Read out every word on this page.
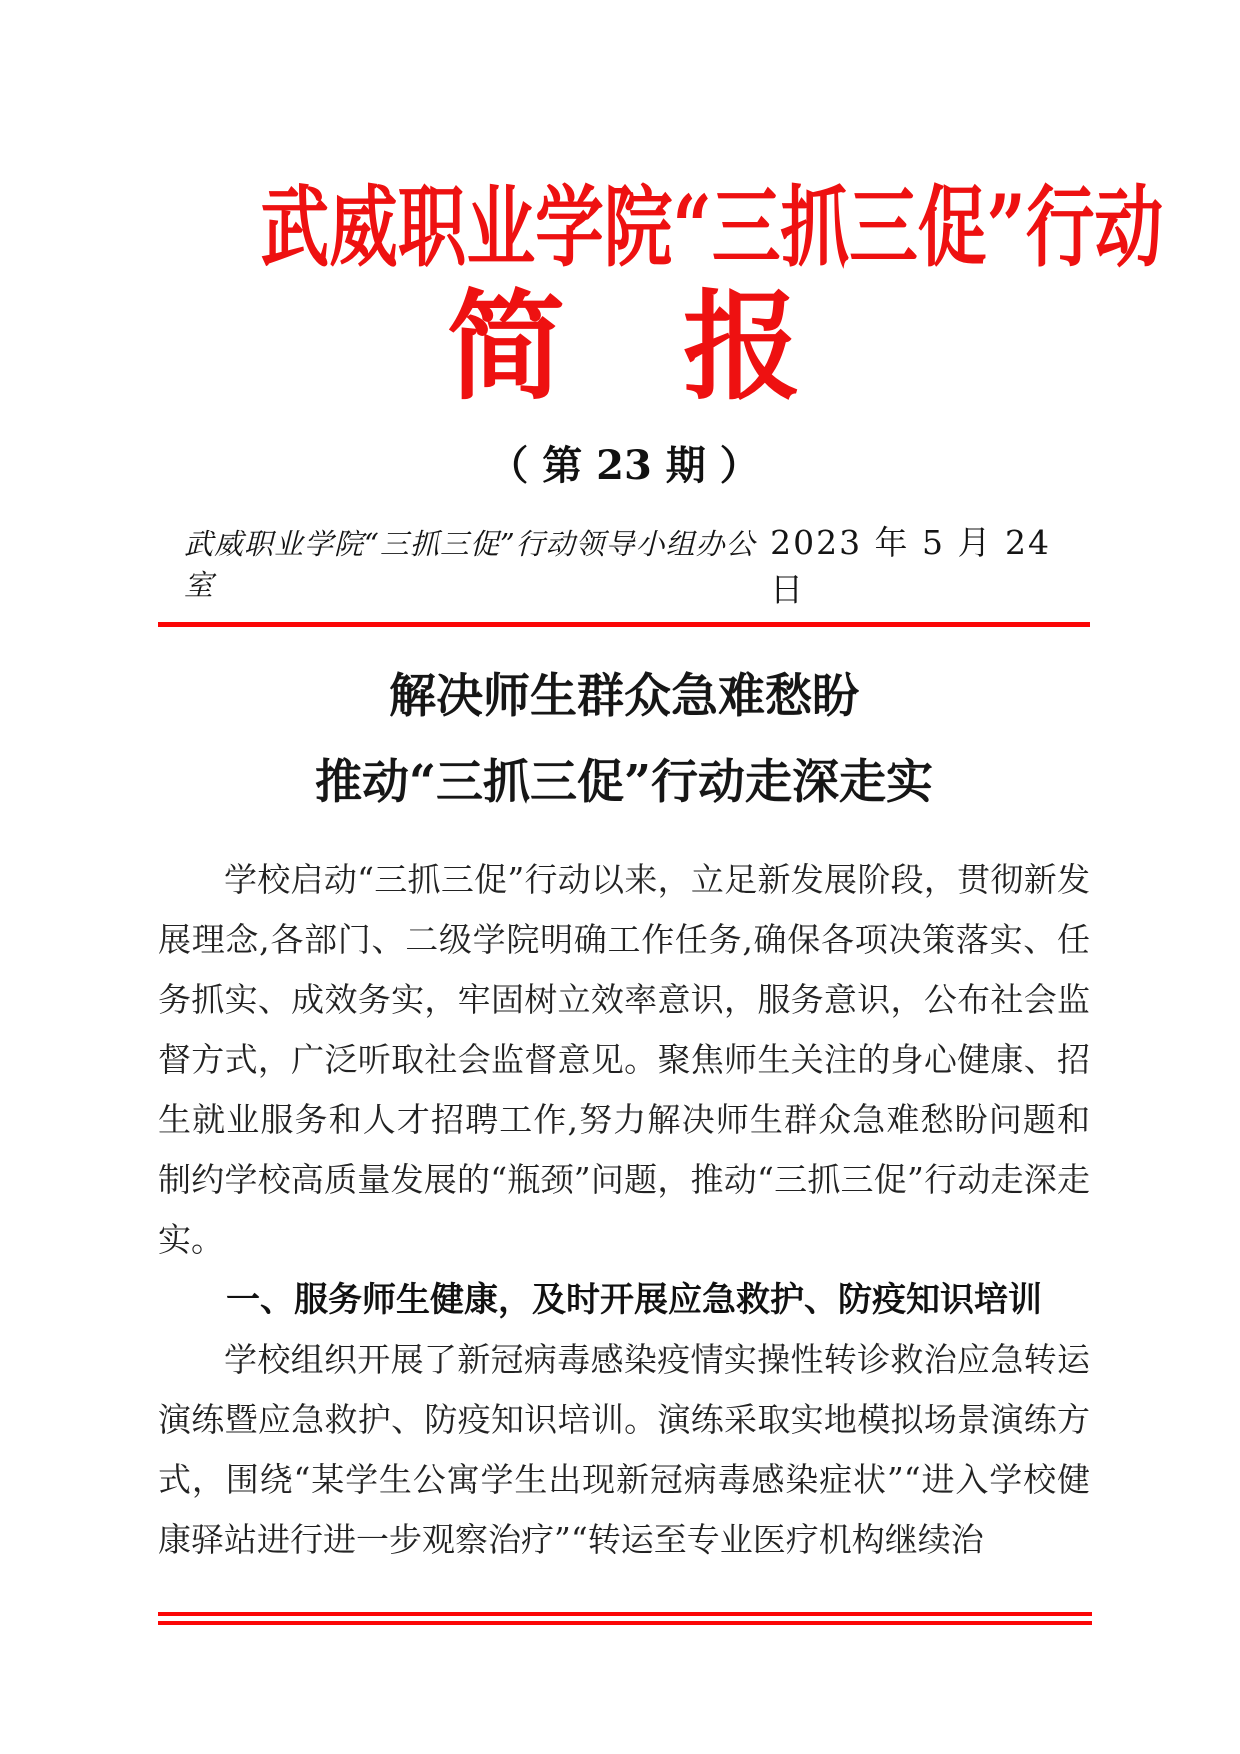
武威职业学院“三抓三促”行动
简　报
（ 第 23 期 ）
武威职业学院“三抓三促”行动领导小组办公室
2023 年 5 月 24 日
解决师生群众急难愁盼
推动“三抓三促”行动走深走实

学校启动“三抓三促”行动以来，立足新发展阶段，贯彻新发展理念,各部门、二级学院明确工作任务,确保各项决策落实、任务抓实、成效务实，牢固树立效率意识，服务意识，公布社会监督方式，广泛听取社会监督意见。聚焦师生关注的身心健康、招生就业服务和人才招聘工作,努力解决师生群众急难愁盼问题和制约学校高质量发展的“瓶颈”问题，推动“三抓三促”行动走深走实。

一、服务师生健康，及时开展应急救护、防疫知识培训

学校组织开展了新冠病毒感染疫情实操性转诊救治应急转运演练暨应急救护、防疫知识培训。演练采取实地模拟场景演练方式，围绕“某学生公寓学生出现新冠病毒感染症状”“进入学校健康驿站进行进一步观察治疗”“转运至专业医疗机构继续治
